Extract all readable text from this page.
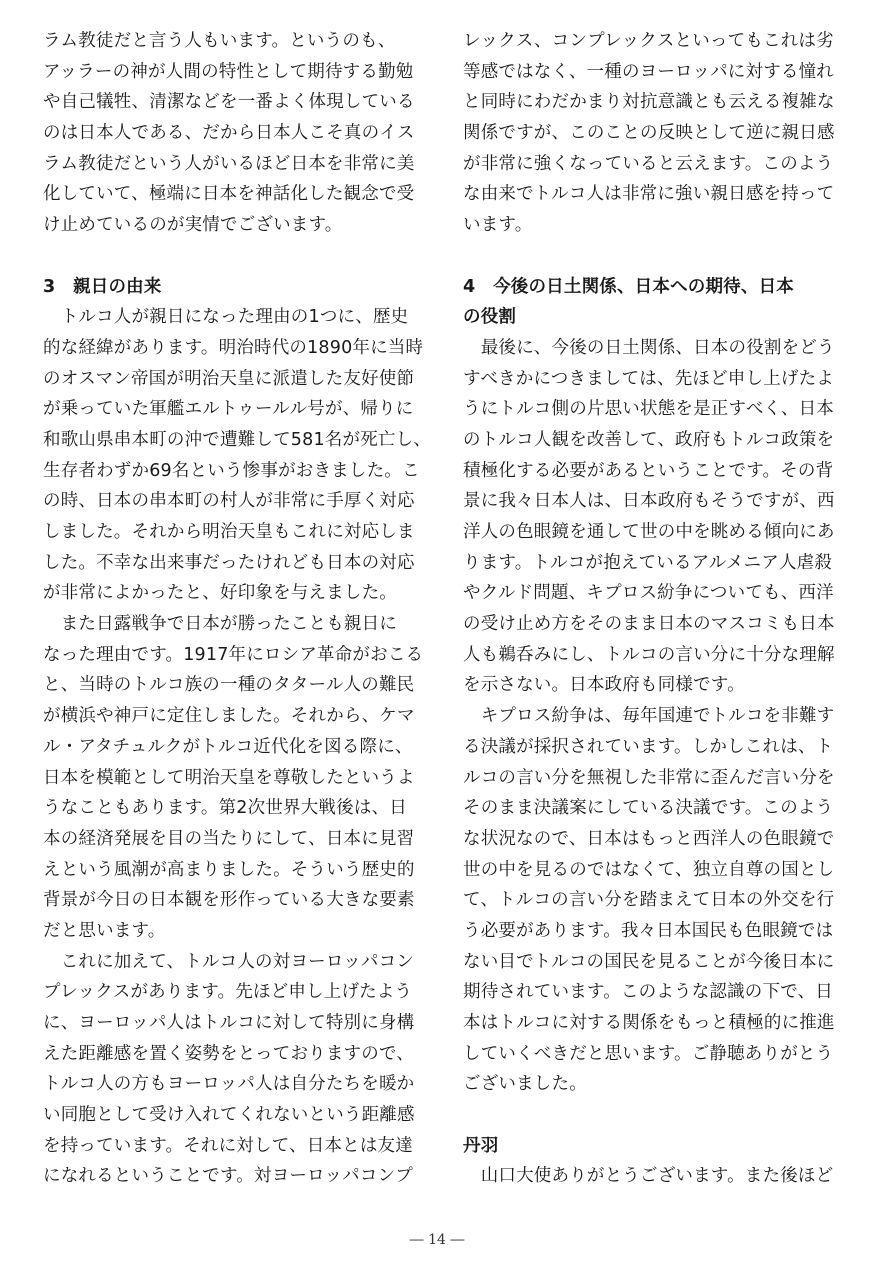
ラム教徒だと言う人もいます。というのも、
アッラーの神が人間の特性として期待する勤勉
や自己犠牲、清潔などを一番よく体現している
のは日本人である、だから日本人こそ真のイス
ラム教徒だという人がいるほど日本を非常に美
化していて、極端に日本を神話化した観念で受
け止めているのが実情でございます。
3　親日の由来
　トルコ人が親日になった理由の1つに、歴史
的な経緯があります。明治時代の1890年に当時
のオスマン帝国が明治天皇に派遣した友好使節
が乗っていた軍艦エルトゥールル号が、帰りに
和歌山県串本町の沖で遭難して581名が死亡し、
生存者わずか69名という惨事がおきました。こ
の時、日本の串本町の村人が非常に手厚く対応
しました。それから明治天皇もこれに対応しま
した。不幸な出来事だったけれども日本の対応
が非常によかったと、好印象を与えました。
　また日露戦争で日本が勝ったことも親日に
なった理由です。1917年にロシア革命がおこる
と、当時のトルコ族の一種のタタール人の難民
が横浜や神戸に定住しました。それから、ケマ
ル・アタチュルクがトルコ近代化を図る際に、
日本を模範として明治天皇を尊敬したというよ
うなこともあります。第2次世界大戦後は、日
本の経済発展を目の当たりにして、日本に見習
えという風潮が高まりました。そういう歴史的
背景が今日の日本観を形作っている大きな要素
だと思います。
　これに加えて、トルコ人の対ヨーロッパコン
プレックスがあります。先ほど申し上げたよう
に、ヨーロッパ人はトルコに対して特別に身構
えた距離感を置く姿勢をとっておりますので、
トルコ人の方もヨーロッパ人は自分たちを暖か
い同胞として受け入れてくれないという距離感
を持っています。それに対して、日本とは友達
になれるということです。対ヨーロッパコンプ
レックス、コンプレックスといってもこれは劣
等感ではなく、一種のヨーロッパに対する憧れ
と同時にわだかまり対抗意識とも云える複雑な
関係ですが、このことの反映として逆に親日感
が非常に強くなっていると云えます。このよう
な由来でトルコ人は非常に強い親日感を持って
います。
4　今後の日土関係、日本への期待、日本
の役割
　最後に、今後の日土関係、日本の役割をどう
すべきかにつきましては、先ほど申し上げたよ
うにトルコ側の片思い状態を是正すべく、日本
のトルコ人観を改善して、政府もトルコ政策を
積極化する必要があるということです。その背
景に我々日本人は、日本政府もそうですが、西
洋人の色眼鏡を通して世の中を眺める傾向にあ
ります。トルコが抱えているアルメニア人虐殺
やクルド問題、キプロス紛争についても、西洋
の受け止め方をそのまま日本のマスコミも日本
人も鵜呑みにし、トルコの言い分に十分な理解
を示さない。日本政府も同様です。
　キプロス紛争は、毎年国連でトルコを非難す
る決議が採択されています。しかしこれは、ト
ルコの言い分を無視した非常に歪んだ言い分を
そのまま決議案にしている決議です。このよう
な状況なので、日本はもっと西洋人の色眼鏡で
世の中を見るのではなくて、独立自尊の国とし
て、トルコの言い分を踏まえて日本の外交を行
う必要があります。我々日本国民も色眼鏡では
ない目でトルコの国民を見ることが今後日本に
期待されています。このような認識の下で、日
本はトルコに対する関係をもっと積極的に推進
していくべきだと思います。ご静聴ありがとう
ございました。
丹羽
　山口大使ありがとうございます。また後ほど
― 14 ―
